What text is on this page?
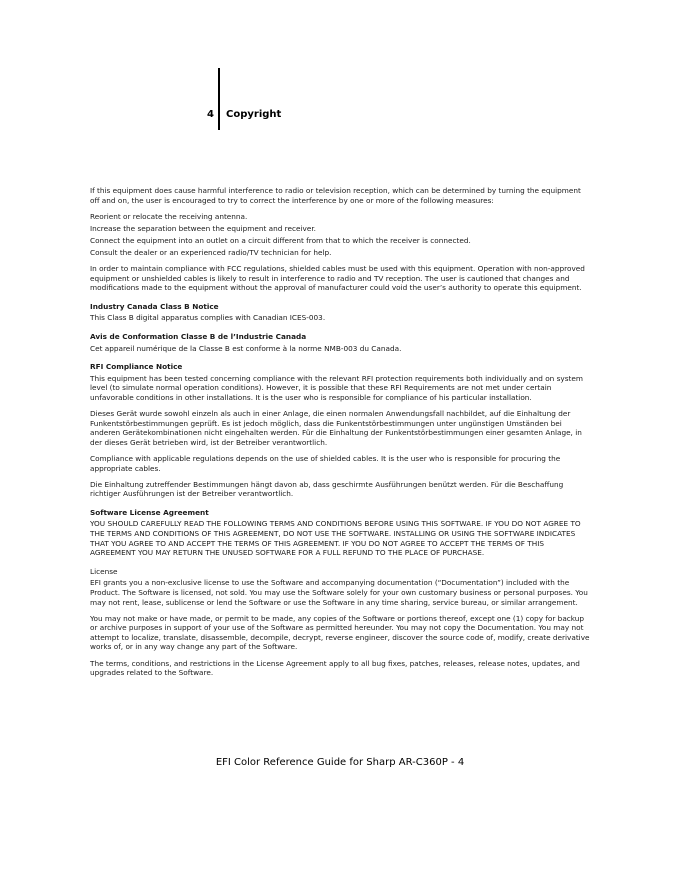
4 Copyright

If this equipment does cause harmful interference to radio or television reception, which can be determined by turning the equipment off and on, the user is encouraged to try to correct the interference by one or more of the following measures:

Reorient or relocate the receiving antenna.

Increase the separation between the equipment and receiver.

Connect the equipment into an outlet on a circuit different from that to which the receiver is connected.

Consult the dealer or an experienced radio/TV technician for help.

In order to maintain compliance with FCC regulations, shielded cables must be used with this equipment. Operation with non-approved equipment or unshielded cables is likely to result in interference to radio and TV reception. The user is cautioned that changes and modifications made to the equipment without the approval of manufacturer could void the user’s authority to operate this equipment.

Industry Canada Class B Notice

This Class B digital apparatus complies with Canadian ICES-003.

Avis de Conformation Classe B de l’Industrie Canada

Cet appareil numérique de la Classe B est conforme à la norme NMB-003 du Canada.

RFI Compliance Notice

This equipment has been tested concerning compliance with the relevant RFI protection requirements both individually and on system level (to simulate normal operation conditions). However, it is possible that these RFI Requirements are not met under certain unfavorable conditions in other installations. It is the user who is responsible for compliance of his particular installation.

Dieses Gerät wurde sowohl einzeln als auch in einer Anlage, die einen normalen Anwendungsfall nachbildet, auf die Einhaltung der Funkentstörbestimmungen geprüft. Es ist jedoch möglich, dass die Funkentstörbestimmungen unter ungünstigen Umständen bei anderen Gerätekombinationen nicht eingehalten werden. Für die Einhaltung der Funkentstörbestimmungen einer gesamten Anlage, in der dieses Gerät betrieben wird, ist der Betreiber verantwortlich.

Compliance with applicable regulations depends on the use of shielded cables. It is the user who is responsible for procuring the appropriate cables.

Die Einhaltung zutreffender Bestimmungen hängt davon ab, dass geschirmte Ausführungen benützt werden. Für die Beschaffung richtiger Ausführungen ist der Betreiber verantwortlich.

Software License Agreement

YOU SHOULD CAREFULLY READ THE FOLLOWING TERMS AND CONDITIONS BEFORE USING THIS SOFTWARE. IF YOU DO NOT AGREE TO THE TERMS AND CONDITIONS OF THIS AGREEMENT, DO NOT USE THE SOFTWARE. INSTALLING OR USING THE SOFTWARE INDICATES THAT YOU AGREE TO AND ACCEPT THE TERMS OF THIS AGREEMENT. IF YOU DO NOT AGREE TO ACCEPT THE TERMS OF THIS AGREEMENT YOU MAY RETURN THE UNUSED SOFTWARE FOR A FULL REFUND TO THE PLACE OF PURCHASE.

License

EFI grants you a non-exclusive license to use the Software and accompanying documentation (“Documentation”) included with the Product. The Software is licensed, not sold. You may use the Software solely for your own customary business or personal purposes. You may not rent, lease, sublicense or lend the Software or use the Software in any time sharing, service bureau, or similar arrangement.

You may not make or have made, or permit to be made, any copies of the Software or portions thereof, except one (1) copy for backup or archive purposes in support of your use of the Software as permitted hereunder. You may not copy the Documentation. You may not attempt to localize, translate, disassemble, decompile, decrypt, reverse engineer, discover the source code of, modify, create derivative works of, or in any way change any part of the Software.

The terms, conditions, and restrictions in the License Agreement apply to all bug fixes, patches, releases, release notes, updates, and upgrades related to the Software.

EFI Color Reference Guide for Sharp AR-C360P - 4
